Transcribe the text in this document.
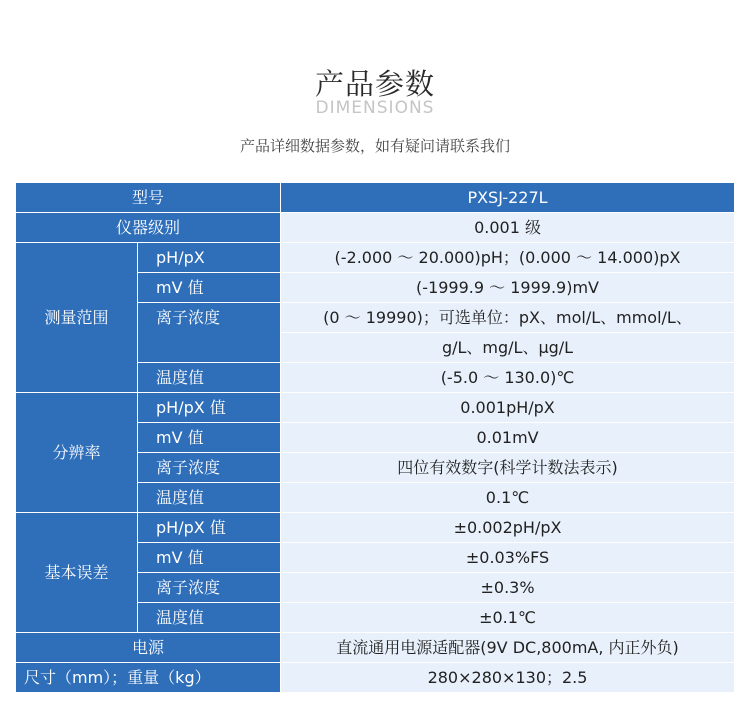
产品参数
DIMENSIONS
产品详细数据参数，如有疑问请联系我们
型号		PXSJ-227L
仪器级别		0.001 级
测量范围	pH/pX	(-2.000 ～ 20.000)pH；(0.000 ～ 14.000)pX
	mV 值	(-1999.9 ～ 1999.9)mV
	离子浓度	(0 ～ 19990)；可选单位：pX、mol/L、mmol/L、
		g/L、mg/L、μg/L
	温度值	(-5.0 ～ 130.0)℃
分辨率	pH/pX 值	0.001pH/pX
	mV 值	0.01mV
	离子浓度	四位有效数字(科学计数法表示)
	温度值	0.1℃
基本误差	pH/pX 值	±0.002pH/pX
	mV 值	±0.03%FS
	离子浓度	±0.3%
	温度值	±0.1℃
电源		直流通用电源适配器(9V DC,800mA, 内正外负)
尺寸（mm）；重量（kg）		280×280×130；2.5
